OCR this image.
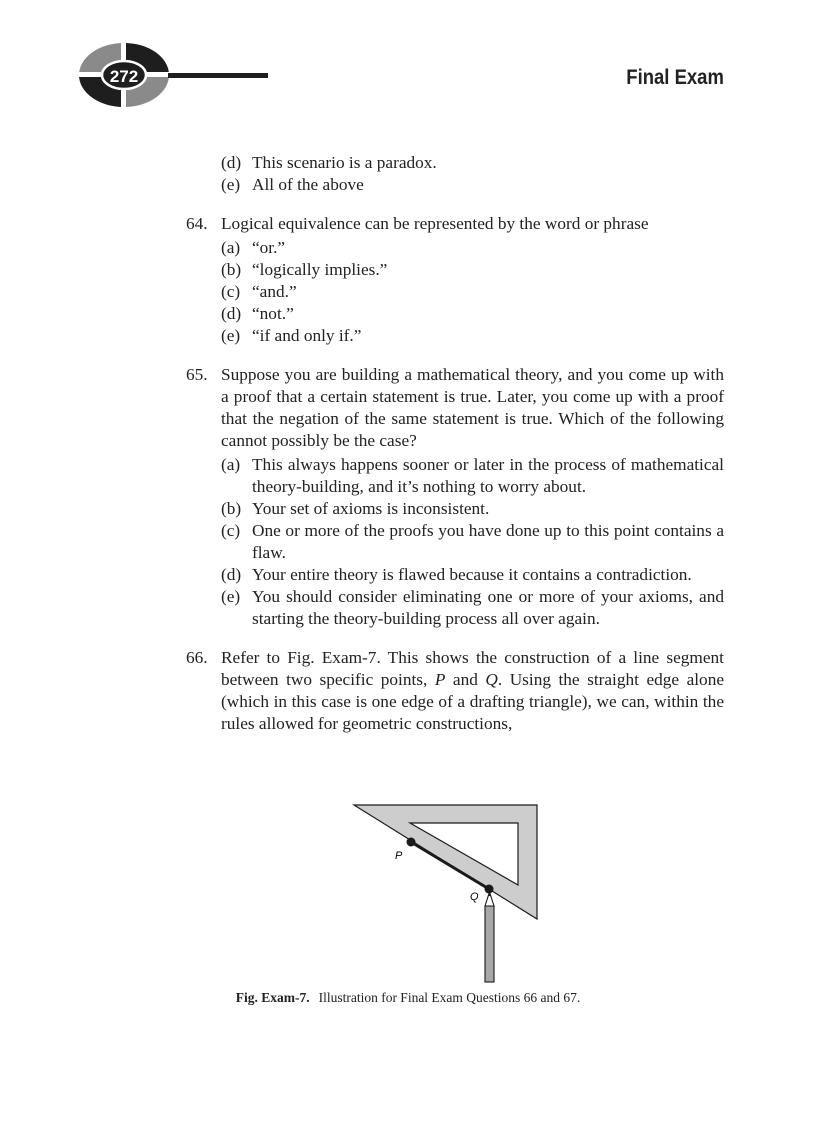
272	Final Exam
(d) This scenario is a paradox.
(e) All of the above
64. Logical equivalence can be represented by the word or phrase
(a) “or.”
(b) “logically implies.”
(c) “and.”
(d) “not.”
(e) “if and only if.”
65. Suppose you are building a mathematical theory, and you come up with a proof that a certain statement is true. Later, you come up with a proof that the negation of the same statement is true. Which of the following cannot possibly be the case?
(a) This always happens sooner or later in the process of mathematical theory-building, and it’s nothing to worry about.
(b) Your set of axioms is inconsistent.
(c) One or more of the proofs you have done up to this point contains a flaw.
(d) Your entire theory is flawed because it contains a contradiction.
(e) You should consider eliminating one or more of your axioms, and starting the theory-building process all over again.
66. Refer to Fig. Exam-7. This shows the construction of a line segment between two specific points, P and Q. Using the straight edge alone (which in this case is one edge of a drafting triangle), we can, within the rules allowed for geometric constructions,
P
Q
Fig. Exam-7. Illustration for Final Exam Questions 66 and 67.
